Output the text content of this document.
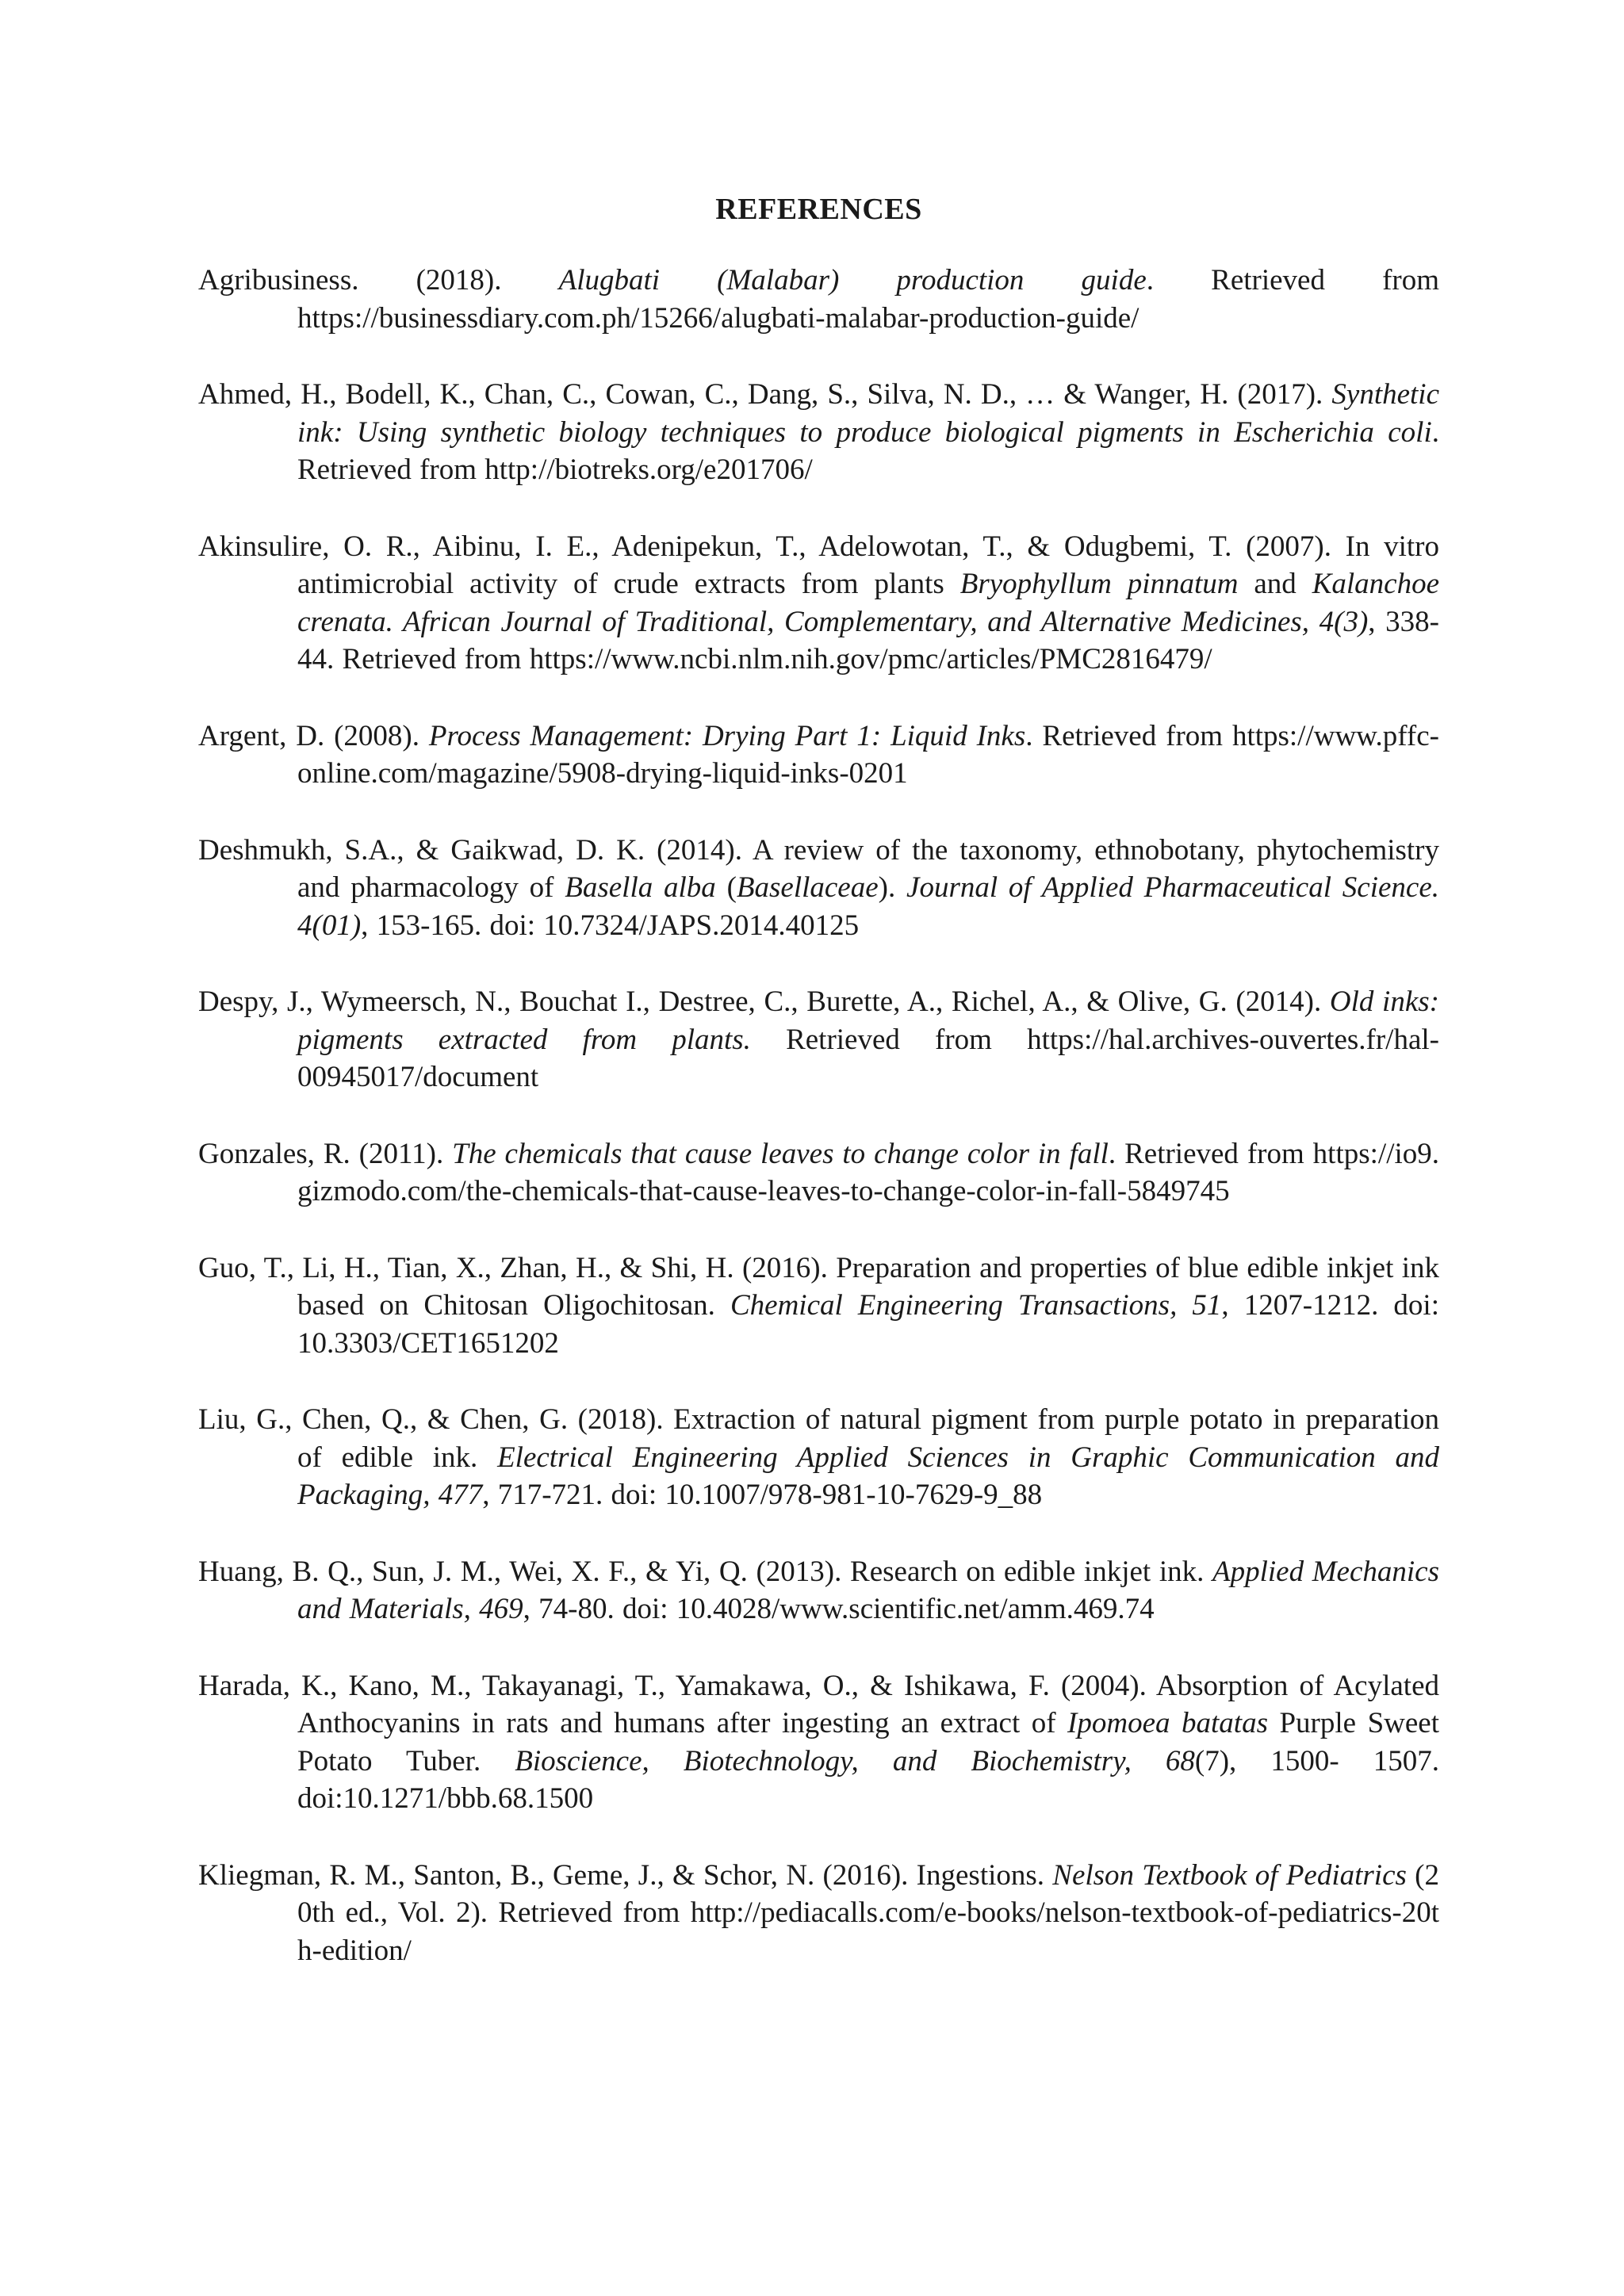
REFERENCES

Agribusiness. (2018). Alugbati (Malabar) production guide. Retrieved from https://businessdiary.com.ph/15266/alugbati-malabar-production-guide/

Ahmed, H., Bodell, K., Chan, C., Cowan, C., Dang, S., Silva, N. D., … & Wanger, H. (2017). Synthetic ink: Using synthetic biology techniques to produce biological pigments in Escherichia coli. Retrieved from http://biotreks.org/e201706/

Akinsulire, O. R., Aibinu, I. E., Adenipekun, T., Adelowotan, T., & Odugbemi, T. (2007). In vitro antimicrobial activity of crude extracts from plants Bryophyllum pinnatum and Kalanchoe crenata. African Journal of Traditional, Complementary, and Alternative Medicines, 4(3), 338-44. Retrieved from https://www.ncbi.nlm.nih.gov/pmc/articles/PMC2816479/

Argent, D. (2008). Process Management: Drying Part 1: Liquid Inks. Retrieved from https://www.pffc-online.com/magazine/5908-drying-liquid-inks-0201

Deshmukh, S.A., & Gaikwad, D. K. (2014). A review of the taxonomy, ethnobotany, phytochemistry and pharmacology of Basella alba (Basellaceae). Journal of Applied Pharmaceutical Science. 4(01), 153-165. doi: 10.7324/JAPS.2014.40125

Despy, J., Wymeersch, N., Bouchat I., Destree, C., Burette, A., Richel, A., & Olive, G. (2014). Old inks: pigments extracted from plants. Retrieved from https://hal.archives-ouvertes.fr/hal-00945017/document

Gonzales, R. (2011). The chemicals that cause leaves to change color in fall. Retrieved from https://io9.gizmodo.com/the-chemicals-that-cause-leaves-to-change-color-in-fall-5849745

Guo, T., Li, H., Tian, X., Zhan, H., & Shi, H. (2016). Preparation and properties of blue edible inkjet ink based on Chitosan Oligochitosan. Chemical Engineering Transactions, 51, 1207-1212. doi: 10.3303/CET1651202

Liu, G., Chen, Q., & Chen, G. (2018). Extraction of natural pigment from purple potato in preparation of edible ink. Electrical Engineering Applied Sciences in Graphic Communication and Packaging, 477, 717-721. doi: 10.1007/978-981-10-7629-9_88

Huang, B. Q., Sun, J. M., Wei, X. F., & Yi, Q. (2013). Research on edible inkjet ink. Applied Mechanics and Materials, 469, 74-80. doi: 10.4028/www.scientific.net/amm.469.74

Harada, K., Kano, M., Takayanagi, T., Yamakawa, O., & Ishikawa, F. (2004). Absorption of Acylated Anthocyanins in rats and humans after ingesting an extract of Ipomoea batatas Purple Sweet Potato Tuber. Bioscience, Biotechnology, and Biochemistry, 68(7), 1500- 1507. doi:10.1271/bbb.68.1500

Kliegman, R. M., Santon, B., Geme, J., & Schor, N. (2016). Ingestions. Nelson Textbook of Pediatrics (20th ed., Vol. 2). Retrieved from http://pediacalls.com/e-books/nelson-textbook-of-pediatrics-20th-edition/
